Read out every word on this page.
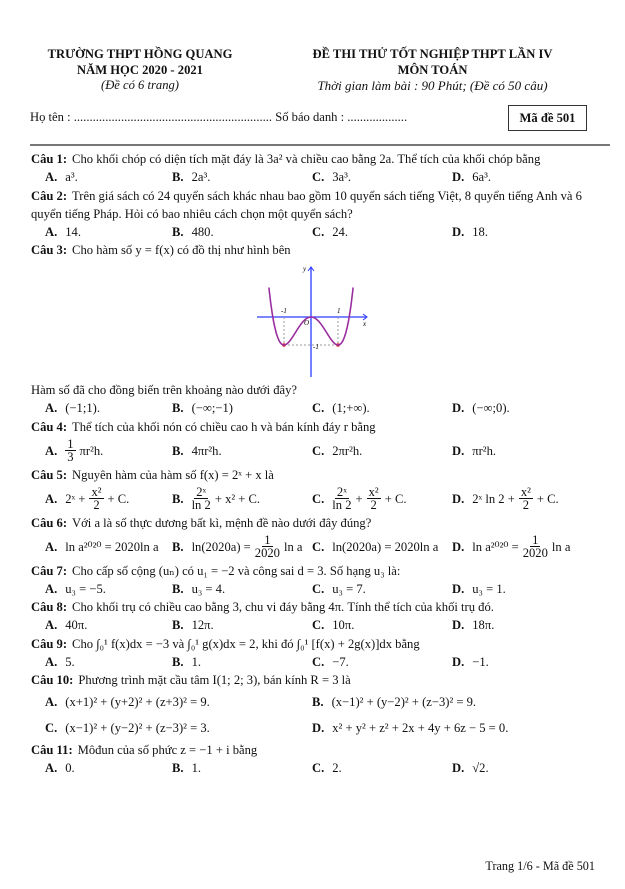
TRƯỜNG THPT HỒNG QUANG
NĂM HỌC 2020 - 2021
(Đề có 6 trang)
ĐỀ THI THỬ TỐT NGHIỆP THPT LẦN IV
MÔN TOÁN
Thời gian làm bài : 90 Phút; (Đề có 50 câu)
Họ tên : ............................................................... Số báo danh : ...................	Mã đề 501
Câu 1: Cho khối chóp có diện tích mặt đáy là 3a² và chiều cao bằng 2a. Thể tích của khối chóp bằng
A. a³.	B. 2a³.	C. 3a³.	D. 6a³.
Câu 2: Trên giá sách có 24 quyển sách khác nhau bao gồm 10 quyển sách tiếng Việt, 8 quyển tiếng Anh và 6 quyển tiếng Pháp. Hỏi có bao nhiêu cách chọn một quyển sách?
A. 14.	B. 480.	C. 24.	D. 18.
Câu 3: Cho hàm số y = f(x) có đồ thị như hình bên
-1	1
O
-1
x
y
Hàm số đã cho đồng biến trên khoảng nào dưới đây?
A. (−1;1).	B. (−∞;−1)	C. (1;+∞).	D. (−∞;0).
Câu 4: Thể tích của khối nón có chiều cao h và bán kính đáy r bằng
A. $\frac{1}{3} \pi r^2h$.	B. 4πr²h.	C. 2πr²h.	D. πr²h.
Câu 5: Nguyên hàm của hàm số f(x) = 2ˣ + x là
A. 2ˣ + $\frac{\text{x²}}{2} + C$.	B. $\frac{\text{2ˣ}}{\ln 2} + x^2 + C$.	C. $\frac{\text{2ˣ}}{\ln 2} + \frac{\text{x²}}{2} + C$.	D. 2ˣ $\ln 2 + \frac{\text{x²}}{2} + C$.
Câu 6: Với a là số thực dương bất kì, mệnh đề nào dưới đây đúng?
A. ln a²⁰²⁰ = 2020ln a B. $\ln(2020a) = \frac{1}{2020}$ ln a C. ln(2020a) = 2020ln a D. $\ln a^{2020} = \frac{1}{2020}$ ln a
Câu 7: Cho cấp số cộng (uₙ) có u₁ = −2 và công sai d = 3. Số hạng u₃ là:
A. u₃ = −5.	B. u₃ = 4.	C. u₃ = 7.	D. u₃ = 1.
Câu 8: Cho khối trụ có chiều cao bằng 3, chu vi đáy bằng 4π. Tính thể tích của khối trụ đó.
A. 40π.	B. 12π.	C. 10π.	D. 18π.
Câu 9: Cho ∫₀¹ f(x)dx = −3 và ∫₀¹ g(x)dx = 2, khi đó ∫₀¹ [f(x) + 2g(x)]dx bằng
A. 5.	B. 1.	C. −7.	D. −1.
Câu 10: Phương trình mặt cầu tâm I(1; 2; 3), bán kính R = 3 là
A. (x+1)² + (y+2)² + (z+3)² = 9.	B. (x−1)² + (y−2)² + (z−3)² = 9.
C. (x−1)² + (y−2)² + (z−3)² = 3.	D. x² + y² + z² + 2x + 4y + 6z − 5 = 0.
Câu 11: Môđun của số phức z = −1 + i bằng
A. 0.	B. 1.	C. 2.	D. √2.
Trang 1/6 - Mã đề 501
